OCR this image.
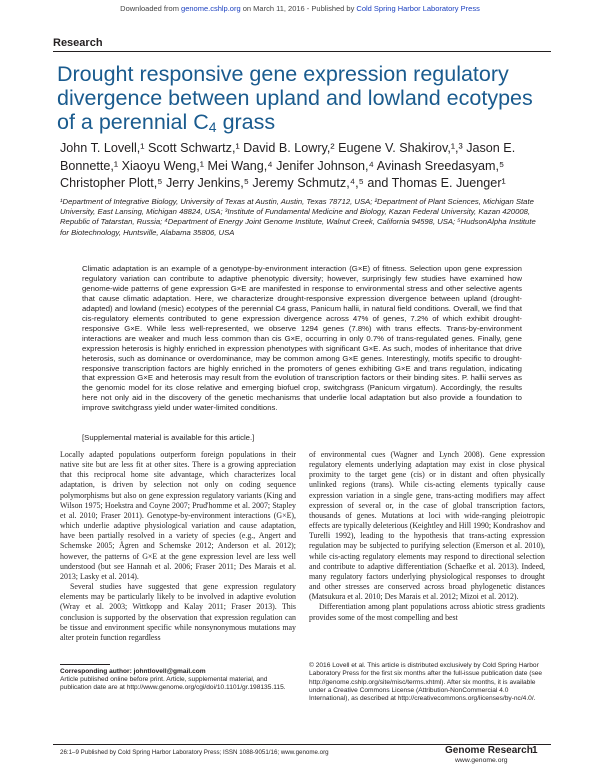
Downloaded from genome.cshlp.org on March 11, 2016 - Published by Cold Spring Harbor Laboratory Press
Research
Drought responsive gene expression regulatory divergence between upland and lowland ecotypes of a perennial $C_4$ grass
John T. Lovell,¹ Scott Schwartz,¹ David B. Lowry,² Eugene V. Shakirov,¹,³ Jason E. Bonnette,¹ Xiaoyu Weng,¹ Mei Wang,⁴ Jenifer Johnson,⁴ Avinash Sreedasyam,⁵ Christopher Plott,⁵ Jerry Jenkins,⁵ Jeremy Schmutz,⁴,⁵ and Thomas E. Juenger¹
¹Department of Integrative Biology, University of Texas at Austin, Austin, Texas 78712, USA; ²Department of Plant Sciences, Michigan State University, East Lansing, Michigan 48824, USA; ³Institute of Fundamental Medicine and Biology, Kazan Federal University, Kazan 420008, Republic of Tatarstan, Russia; ⁴Department of Energy Joint Genome Institute, Walnut Creek, California 94598, USA; ⁵HudsonAlpha Institute for Biotechnology, Huntsville, Alabama 35806, USA
Climatic adaptation is an example of a genotype-by-environment interaction (G×E) of fitness. Selection upon gene expression regulatory variation can contribute to adaptive phenotypic diversity; however, surprisingly few studies have examined how genome-wide patterns of gene expression G×E are manifested in response to environmental stress and other selective agents that cause climatic adaptation. Here, we characterize drought-responsive expression divergence between upland (drought-adapted) and lowland (mesic) ecotypes of the perennial C4 grass, Panicum hallii, in natural field conditions. Overall, we find that cis-regulatory elements contributed to gene expression divergence across 47% of genes, 7.2% of which exhibit drought-responsive G×E. While less well-represented, we observe 1294 genes (7.8%) with trans effects. Trans-by-environment interactions are weaker and much less common than cis G×E, occurring in only 0.7% of trans-regulated genes. Finally, gene expression heterosis is highly enriched in expression phenotypes with significant G×E. As such, modes of inheritance that drive heterosis, such as dominance or overdominance, may be common among G×E genes. Interestingly, motifs specific to drought-responsive transcription factors are highly enriched in the promoters of genes exhibiting G×E and trans regulation, indicating that expression G×E and heterosis may result from the evolution of transcription factors or their binding sites. P. hallii serves as the genomic model for its close relative and emerging biofuel crop, switchgrass (Panicum virgatum). Accordingly, the results here not only aid in the discovery of the genetic mechanisms that underlie local adaptation but also provide a foundation to improve switchgrass yield under water-limited conditions.
[Supplemental material is available for this article.]

Locally adapted populations outperform foreign populations in their native site but are less fit at other sites. There is a growing appreciation that this reciprocal home site advantage, which characterizes local adaptation, is driven by selection not only on coding sequence polymorphisms but also on gene expression regulatory variants (King and Wilson 1975; Hoekstra and Coyne 2007; Prud'homme et al. 2007; Stapley et al. 2010; Fraser 2011). Genotype-by-environment interactions (G×E), which underlie adaptive physiological variation and cause adaptation, have been partially resolved in a variety of species (e.g., Angert and Schemske 2005; Ågren and Schemske 2012; Anderson et al. 2012); however, the patterns of G×E at the gene expression level are less well understood (but see Hannah et al. 2006; Fraser 2011; Des Marais et al. 2013; Lasky et al. 2014).

Several studies have suggested that gene expression regulatory elements may be particularly likely to be involved in adaptive evolution (Wray et al. 2003; Wittkopp and Kalay 2011; Fraser 2013). This conclusion is supported by the observation that expression regulation can be tissue and environment specific while nonsynonymous mutations may alter protein function regardless

of environmental cues (Wagner and Lynch 2008). Gene expression regulatory elements underlying adaptation may exist in close physical proximity to the target gene (cis) or in distant and often physically unlinked regions (trans). While cis-acting elements typically cause expression variation in a single gene, trans-acting modifiers may affect expression of several or, in the case of global transcription factors, thousands of genes. Mutations at loci with wide-ranging pleiotropic effects are typically deleterious (Keightley and Hill 1990; Kondrashov and Turelli 1992), leading to the hypothesis that trans-acting expression regulation may be subjected to purifying selection (Emerson et al. 2010), while cis-acting regulatory elements may respond to directional selection and contribute to adaptive differentiation (Schaefke et al. 2013). Indeed, many regulatory factors underlying physiological responses to drought and other stresses are conserved across broad phylogenetic distances (Matsukura et al. 2010; Des Marais et al. 2012; Mizoi et al. 2012).

Differentiation among plant populations across abiotic stress gradients provides some of the most compelling and best

Corresponding author: johntlovell@gmail.com
Article published online before print. Article, supplemental material, and publication date are at http://www.genome.org/cgi/doi/10.1101/gr.198135.115.
© 2016 Lovell et al. This article is distributed exclusively by Cold Spring Harbor Laboratory Press for the first six months after the full-issue publication date (see http://genome.cshlp.org/site/misc/terms.xhtml). After six months, it is available under a Creative Commons License (Attribution-NonCommercial 4.0 International), as described at http://creativecommons.org/licenses/by-nc/4.0/.
26:1–9 Published by Cold Spring Harbor Laboratory Press; ISSN 1088-9051/16; www.genome.org	Genome Research 1
www.genome.org
